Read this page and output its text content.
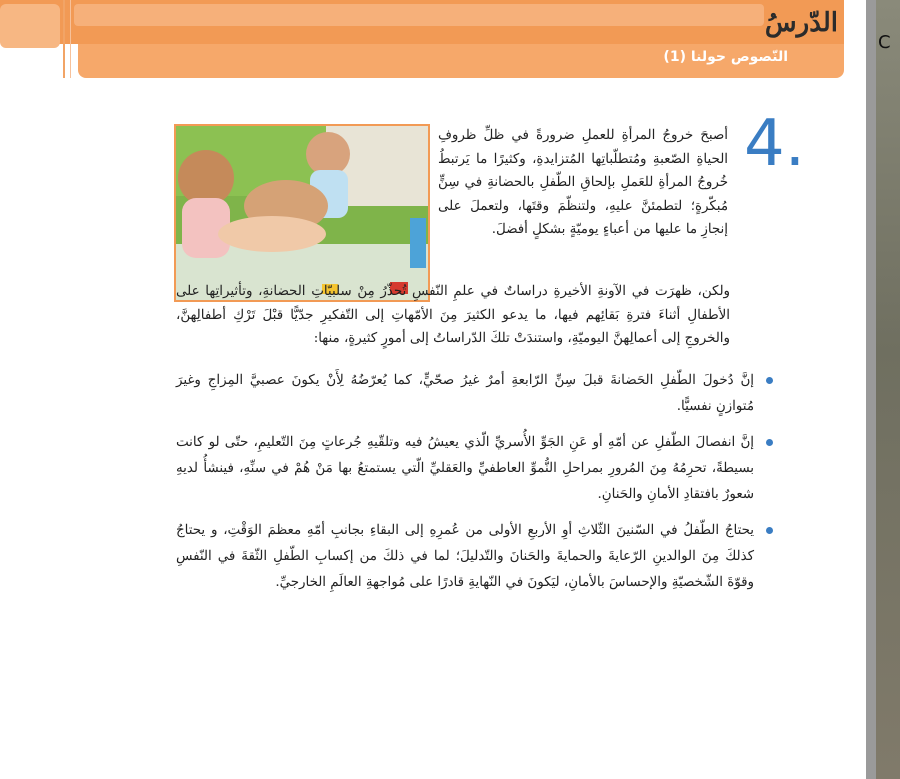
C
الدّرسُ
النّصوص حولنا (1)
4.
أصبحَ خروجُ المرأةِ للعملِ ضرورةً في ظلِّ ظروفِ الحياةِ الصّعبةِ ومُتطلّباتِها المُتزايدةِ، وكثيرًا ما يَرتبطُ خُروجُ المرأةِ للعَملِ بإلحاقِ الطّفلِ بالحضانةِ في سِنٍّ مُبكّرةٍ؛ لتطمئنَّ عليهِ، ولتنظّمَ وقتَها، ولتعملَ على إنجازِ ما عليها من أعباءٍ يوميّةٍ بشكلٍ أفضلَ.
ولكن، ظهرَت في الآونةِ الأخيرةِ دراساتٌ في علمِ النّفسِ تُحذّرُ مِنْ سلبيّاتِ الحضانةِ، وتأثيراتِها على الأطفالِ أثناءَ فترةِ بَقائِهم فيها، ما يدعو الكثيرَ مِنَ الأمّهاتِ إلى التّفكيرِ جدّيًّا قبْلَ تَرْكِ أطفالِهنَّ، والخروجِ إلى أعمالِهنَّ اليوميّةِ، واستندَتْ تلكَ الدّراساتُ إلى أمورٍ كثيرةٍ، منها:
إنَّ دُخولَ الطّفلِ الحَضانةَ قبلَ سِنِّ الرّابعةِ أمرٌ غيرُ صحّيٍّ، كما يُعرّضُهُ لِأَنْ يكونَ عصبيَّ المِزاجِ وغيرَ مُتوازنٍ نفسيًّا.
إنَّ انفصالَ الطّفلِ عن أمّهِ أو عَنِ الجَوِّ الأُسريِّ الّذي يعيشُ فيه وتلقّيهِ جُرعاتٍ مِنَ التّعليمِ، حتّى لو كانت بسيطةً، تحرِمُهُ مِنَ المُرورِ بمراحلِ النُّموِّ العاطفيِّ والعَقليِّ الّتي يستمتعُ بها مَنْ هُمْ في سنِّهِ، فينشأُ لديهِ شعورٌ بافتقادِ الأمانِ والحَنانِ.
يحتاجُ الطّفلُ في السّنينَ الثّلاثِ أوِ الأربعِ الأولى من عُمرِهِ إلى البقاءِ بجانبِ أمّهِ معظمَ الوَقْتِ، و يحتاجُ كذلكَ مِنَ الوالدينِ الرّعايةَ والحمايةَ والحَنانَ والتّدليلَ؛ لما في ذلكَ من إكسابِ الطّفلِ الثّقةَ في النّفسِ وقوّةَ الشّخصيّةِ والإحساسَ بالأمانِ، ليَكونَ في النّهايةِ قادرًا على مُواجهةِ العالَمِ الخارجيِّ.
